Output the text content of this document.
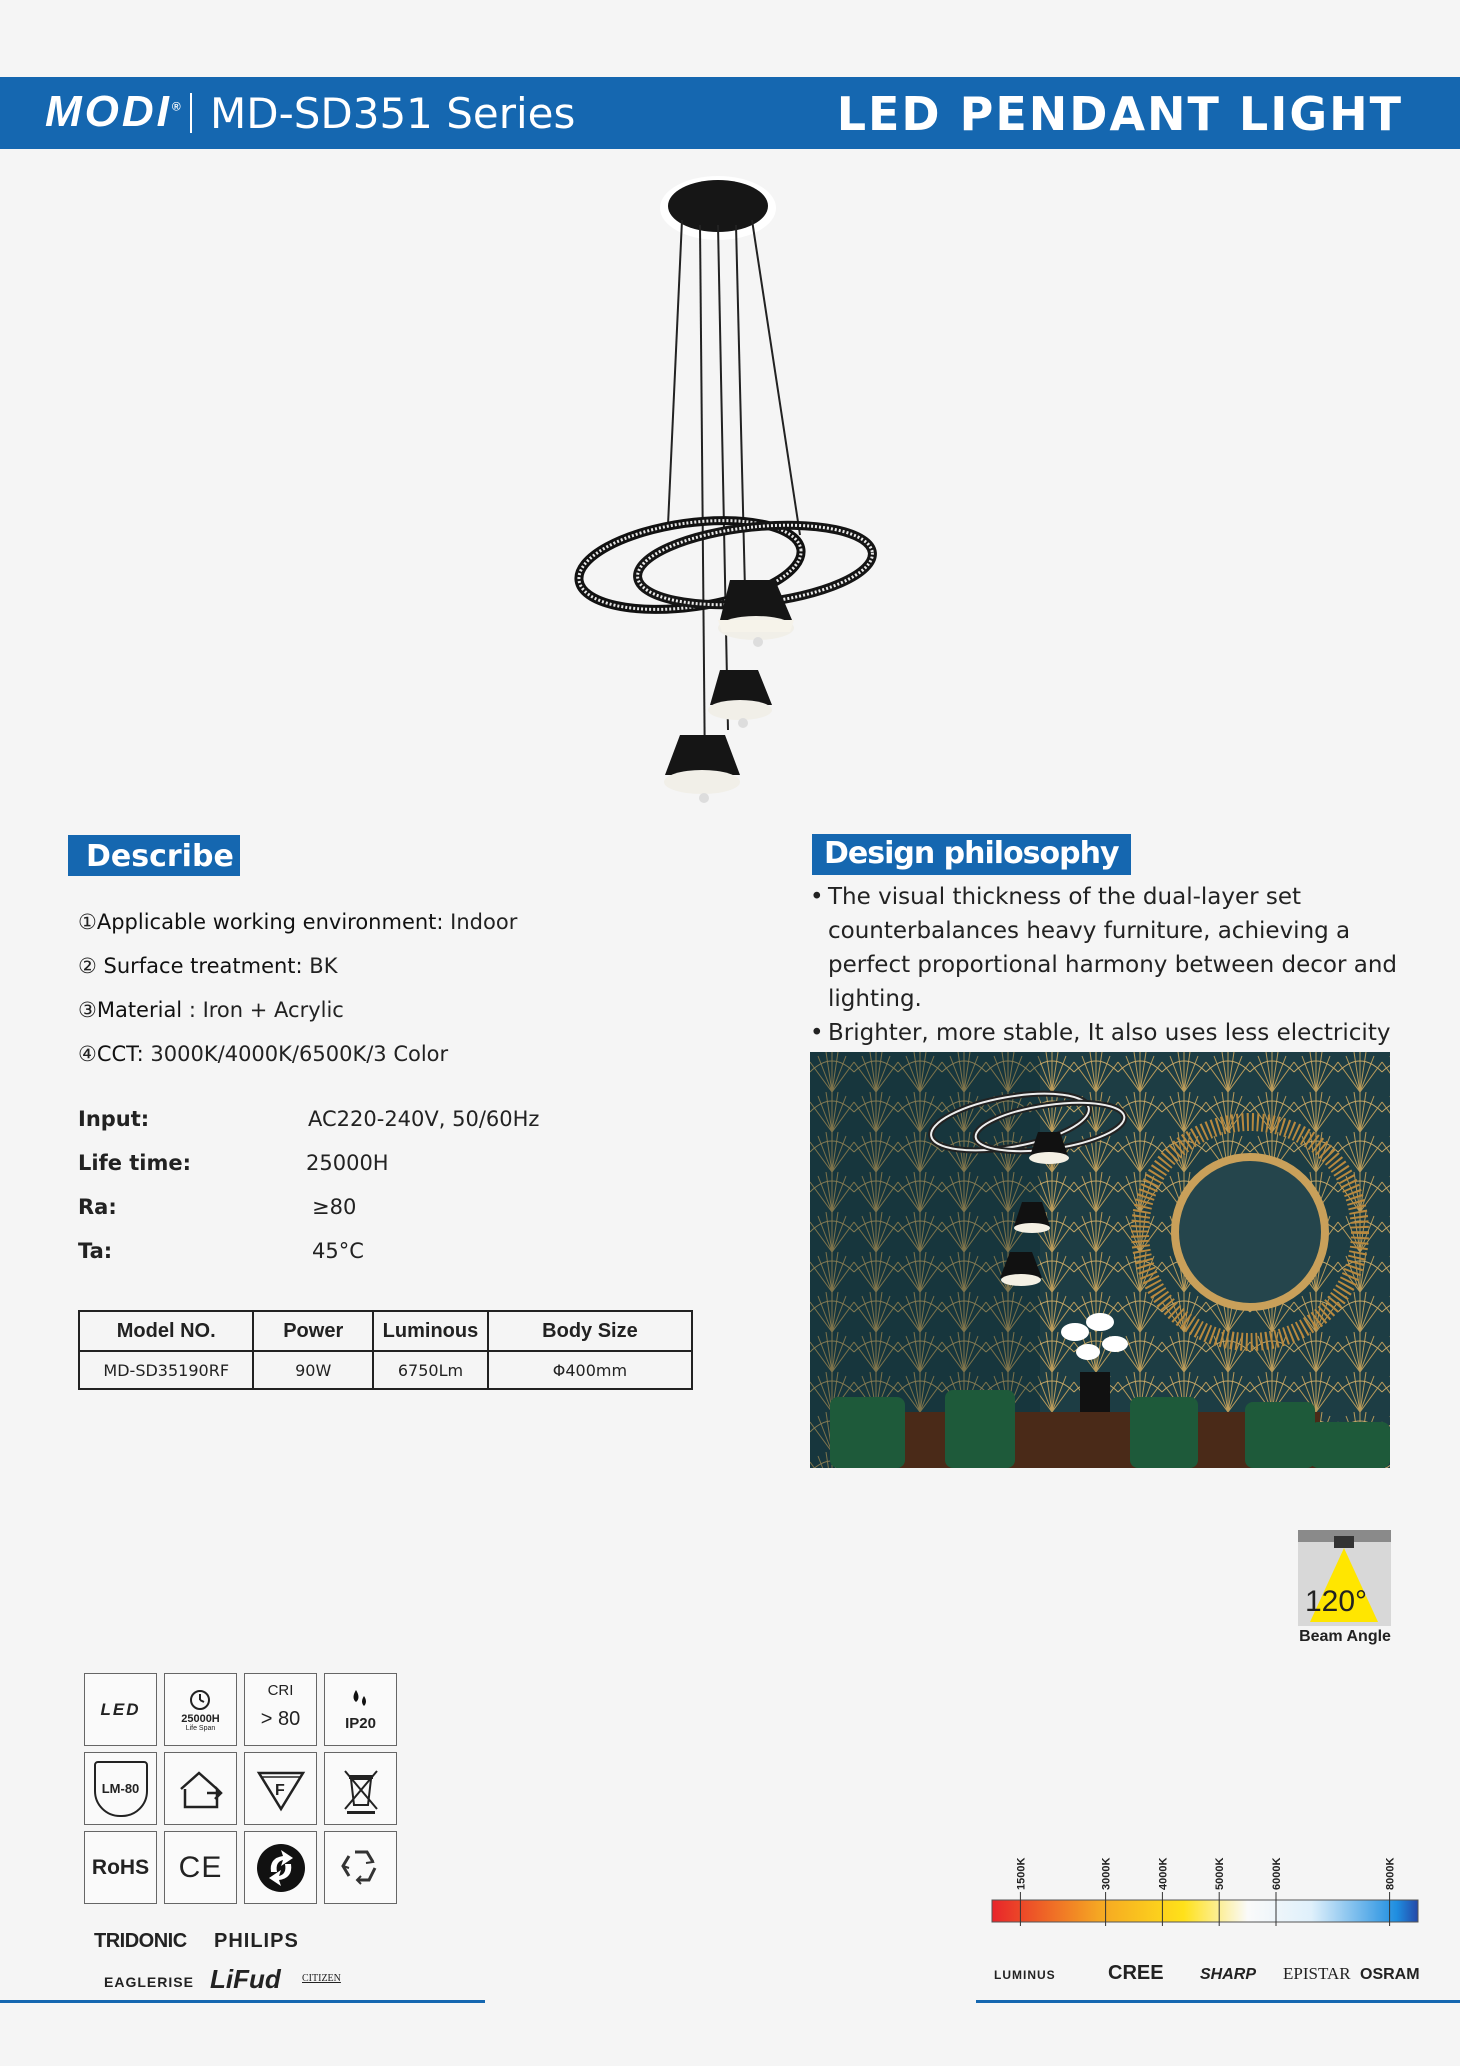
MODI® MD-SD351 Series	LED PENDANT LIGHT
Describe
①Applicable working environment: Indoor
② Surface treatment: BK
③Material : Iron + Acrylic
④CCT: 3000K/4000K/6500K/3 Color
Input:	AC220-240V, 50/60Hz
Life time:	25000H
Ra:	≥80
Ta:	45°C
Model NO.	Power	Luminous	Body Size
MD-SD35190RF	90W	6750Lm	Φ400mm
Design philosophy
• The visual thickness of the dual-layer set counterbalances heavy furniture, achieving a perfect proportional harmony between decor and lighting.
• Brighter, more stable, It also uses less electricity
120°
Beam Angle
LED	25000H
Life Span
CRI
> 80	IP20
LM-80	F
RoHS CE
TRIDONIC PHILIPS
EAGLERISE LiFud CITIZEN
1500K	3000K	4000K	5000K	6000K	8000K
LUMINUS	CREE SHARP EPISTAR OSRAM
